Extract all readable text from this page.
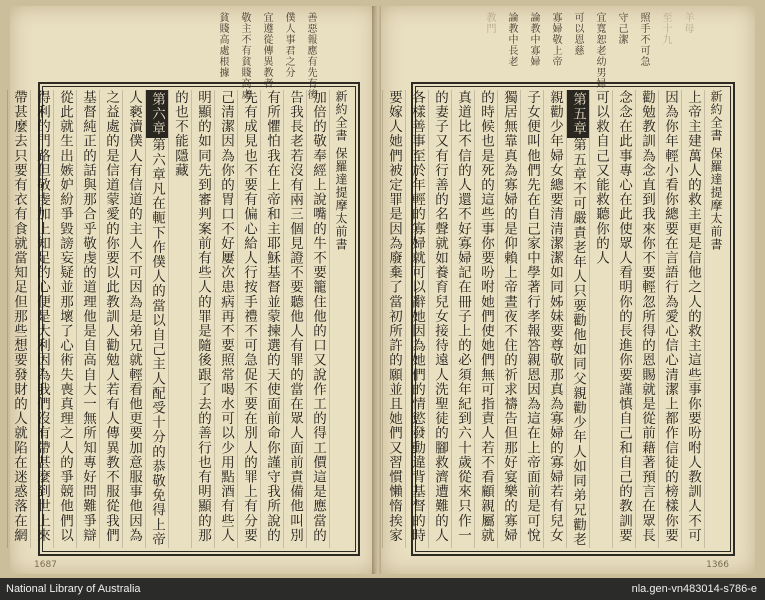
善惡報應有先有後
僕人事君之分
宜遵從傳異教者
敬主不有貧賤高處
貧賤高處根據
新約全書 保羅達提摩太前書
加倍的敬奉經上說嘴的牛不要籠住他的口又說作工的得工價這是應當的
告我長老若沒有兩三個見證不要聽他人有罪的當在眾人面前責備他叫別
有所懼怕我在上帝和主耶穌基督並蒙揀選的天使面前命你謹守我所說的
先有成見也不要有偏心給人行按手禮不可急促不要在別人的罪上有分要
己清潔因為你的胃口不好屢次患病再不要照常喝水可以少用點酒有些人
明顯的如同先到審判案前有些人的罪是隨後跟了去的善行也有明顯的那
的也不能隱藏
第六章第六章凡在軛下作僕人的當以自己主人配受十分的恭敬免得上帝
人褻瀆僕人有信道的主人不可因為是弟兄就輕看他更要加意服事他因為
之益處的是信道蒙愛的你要以此教訓人勸勉人若有人傳異教不服從我們
基督純正的話與那合乎敬虔的道理他是自高自大一無所知專好問難爭辯
從此就生出嫉妒紛爭毀謗妄疑並那壞了心術失喪真理之人的爭競他們以
得利的門路但敬虔加上知足的心便是大利因為我們沒有帶甚麼到世上來
帶甚麼去只要有衣有食就當知足但那些想要發財的人就陷在迷惑落在網
1687
羊母
至十九
照手不可急
守己潔
宜寬恕老幼男婦
可以恩慈
寡婦敬上帝
論教中寡婦
論教中長老
教門
新約全書 保羅達提摩太前書
上帝主建萬人的救主更是信他之人的救主這些事你要吩咐人教訓人不可
因為你年輕小看你總要在言語行為愛心信心清潔上都作信徒的榜樣你要
勸勉教訓為念直到我來你不要輕忽所得的恩賜就是從前藉著預言在眾長
念念在此事專心在此使眾人看明你的長進你要謹慎自己和自己的教訓要
可以救自己又能救聽你的人
第五章第五章不可嚴責老年人只要勸他如同父親勸少年人如同弟兄勸老
親勸少年婦女總要清清潔潔如同姊妹要尊敬那真為寡婦的寡婦若有兒女
子女便叫他們先在自己家中學著行孝報答親恩因為這在上帝面前是可悅
獨居無靠真為寡婦的是仰賴上帝晝夜不住的祈求禱告但那好宴樂的寡婦
的時候也是死的這些事你要吩咐她們使她們無可指責人若不看顧親屬就
真道比不信的人還不好寡婦記在冊子上的必須年紀到六十歲從來只作一
的妻子又有行善的名聲就如養育兒女接待遠人洗聖徒的腳救濟遭難的人
各樣善事至於年輕的寡婦就可以辭她因為她們的情慾發動違背基督的時
要嫁人她們被定罪是因為廢棄了當初所許的願並且她們又習慣懶惰挨家
1366
National Library of Australia	nla.gen-vn483014-s786-e
